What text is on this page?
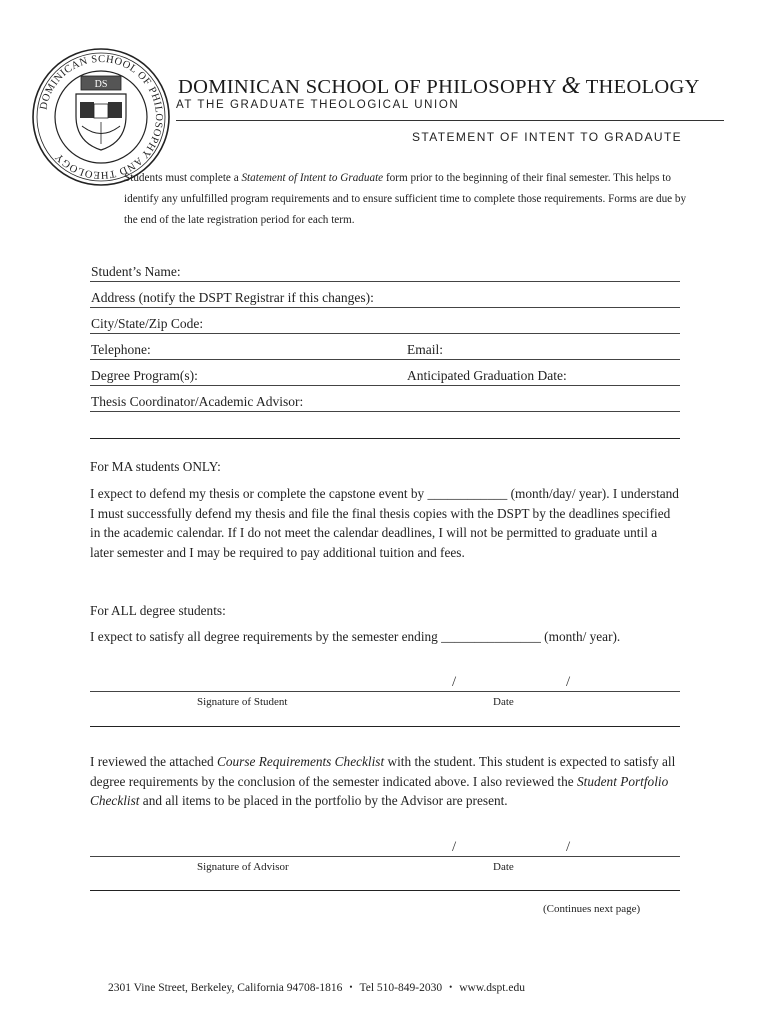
DOMINICAN SCHOOL OF PHILOSOPHY AND THEOLOGY
DS	DOMINICAN SCHOOL OF PHILOSOPHY & THEOLOGY
AT THE GRADUATE THEOLOGICAL UNION
STATEMENT OF INTENT TO GRADAUTE
Students must complete a Statement of Intent to Graduate form prior to the beginning of their final semester. This helps to identify any unfulfilled program requirements and to ensure sufficient time to complete those requirements. Forms are due by the end of the late registration period for each term.
Student’s Name:
Address (notify the DSPT Registrar if this changes):
City/State/Zip Code:
Telephone:	Email:
Degree Program(s):	Anticipated Graduation Date:
Thesis Coordinator/Academic Advisor:
For MA students ONLY:
I expect to defend my thesis or complete the capstone event by ____________ (month/day/ year). I understand I must successfully defend my thesis and file the final thesis copies with the DSPT by the deadlines specified in the academic calendar. If I do not meet the calendar deadlines, I will not be permitted to graduate until a later semester and I may be required to pay additional tuition and fees.
For ALL degree students:
I expect to satisfy all degree requirements by the semester ending _______________ (month/ year).
/	/
Signature of Student	Date
I reviewed the attached Course Requirements Checklist with the student. This student is expected to satisfy all degree requirements by the conclusion of the semester indicated above. I also reviewed the Student Portfolio Checklist and all items to be placed in the portfolio by the Advisor are present.
/	/
Signature of Advisor	Date
(Continues next page)
2301 Vine Street, Berkeley, California 94708-1816 • Tel 510-849-2030 • www.dspt.edu
